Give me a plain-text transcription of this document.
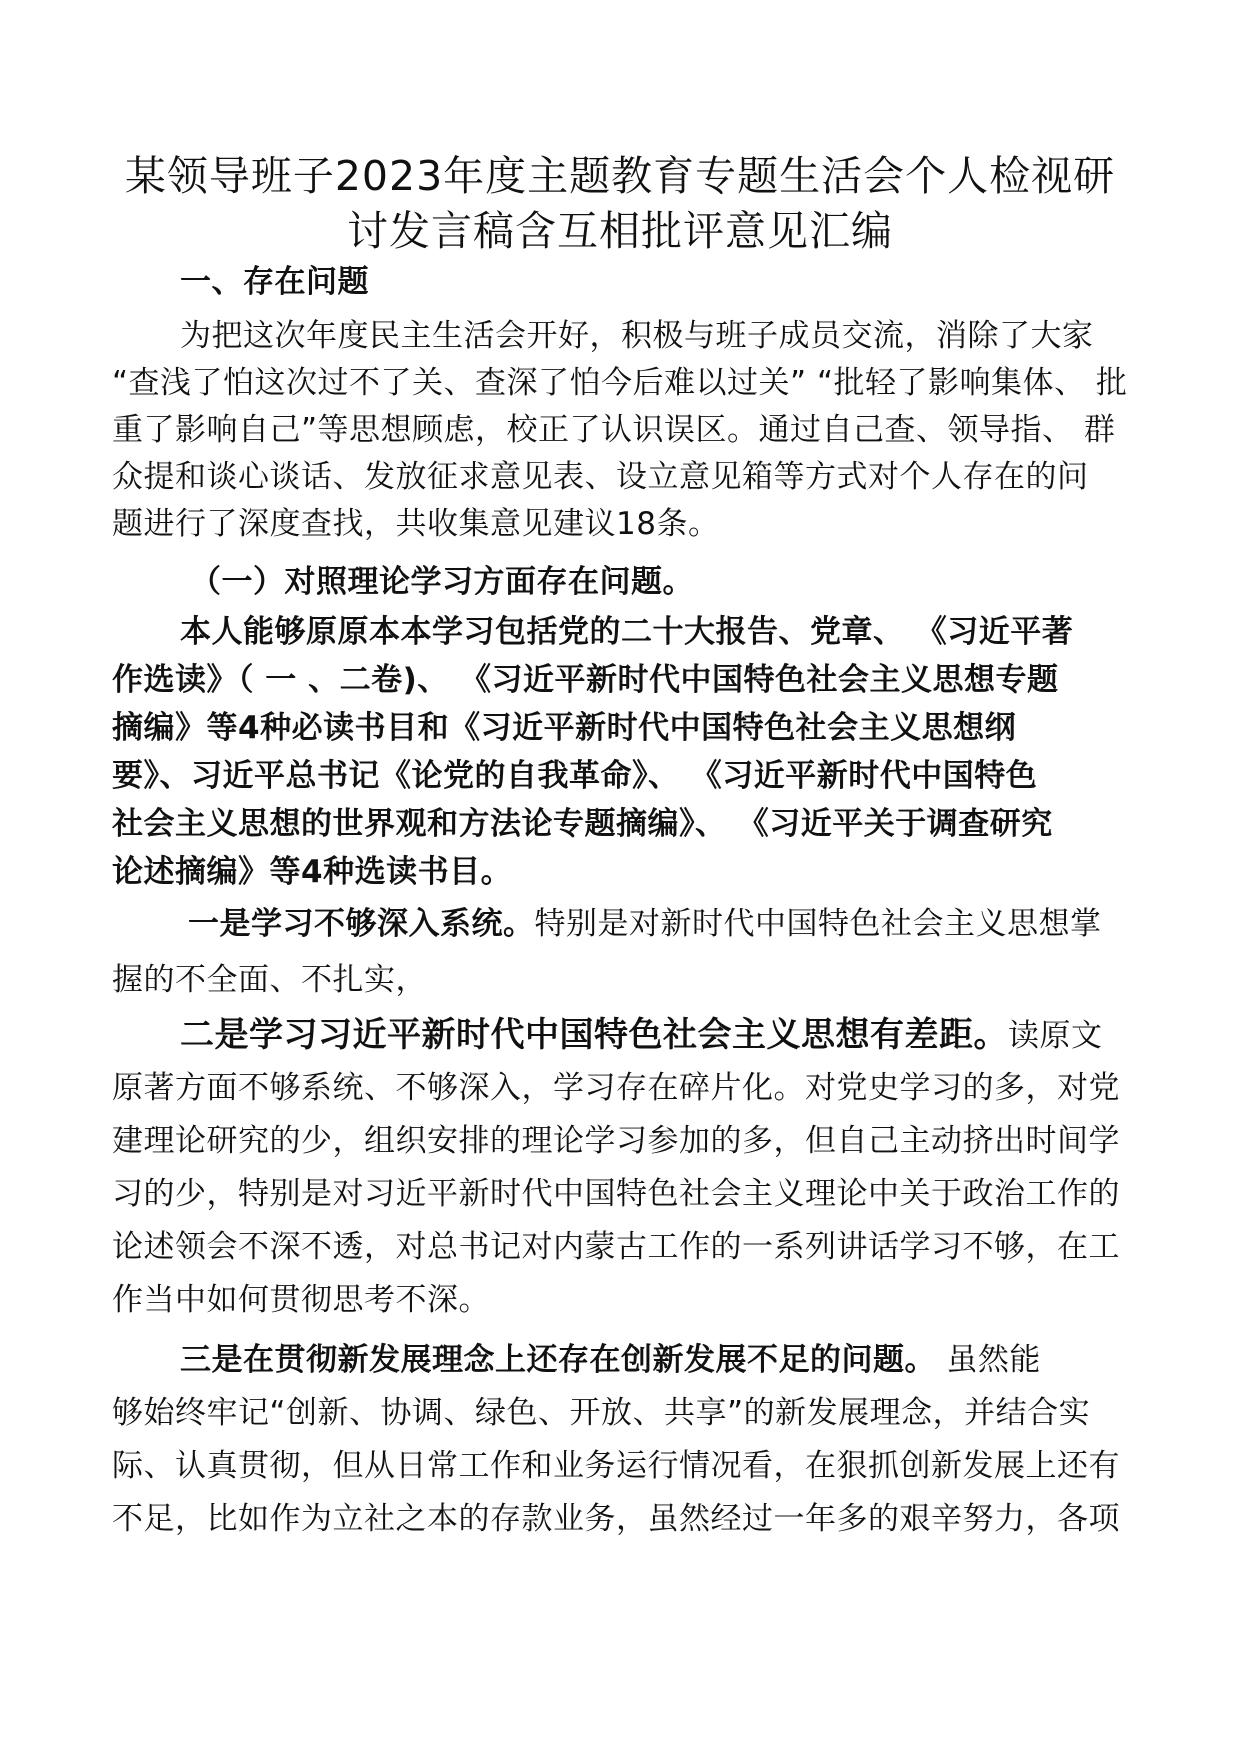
某领导班子2023年度主题教育专题生活会个人检视研
讨发言稿含互相批评意见汇编
一、存在问题
为把这次年度民主生活会开好，积极与班子成员交流，消除了大家
“查浅了怕这次过不了关、查深了怕今后难以过关” “批轻了影响集体、 批
重了影响自己”等思想顾虑，校正了认识误区。通过自己查、领导指、 群
众提和谈心谈话、发放征求意见表、设立意见箱等方式对个人存在的问
题进行了深度查找，共收集意见建议18条。
（一）对照理论学习方面存在问题。
本人能够原原本本学习包括党的二十大报告、党章、 《习近平著
作选读》（ 一 、二卷)、 《习近平新时代中国特色社会主义思想专题
摘编》等4种必读书目和《习近平新时代中国特色社会主义思想纲
要》、习近平总书记《论党的自我革命》、 《习近平新时代中国特色
社会主义思想的世界观和方法论专题摘编》、 《习近平关于调查研究
论述摘编》等4种选读书目。
一是学习不够深入系统。特别是对新时代中国特色社会主义思想掌
握的不全面、不扎实，
二是学习习近平新时代中国特色社会主义思想有差距。读原文
原著方面不够系统、不够深入，学习存在碎片化。对党史学习的多，对党
建理论研究的少，组织安排的理论学习参加的多，但自己主动挤出时间学
习的少，特别是对习近平新时代中国特色社会主义理论中关于政治工作的
论述领会不深不透，对总书记对内蒙古工作的一系列讲话学习不够，在工
作当中如何贯彻思考不深。
三是在贯彻新发展理念上还存在创新发展不足的问题。 虽然能
够始终牢记“创新、协调、绿色、开放、共享”的新发展理念，并结合实
际、认真贯彻，但从日常工作和业务运行情况看，在狠抓创新发展上还有
不足，比如作为立社之本的存款业务，虽然经过一年多的艰辛努力，各项
